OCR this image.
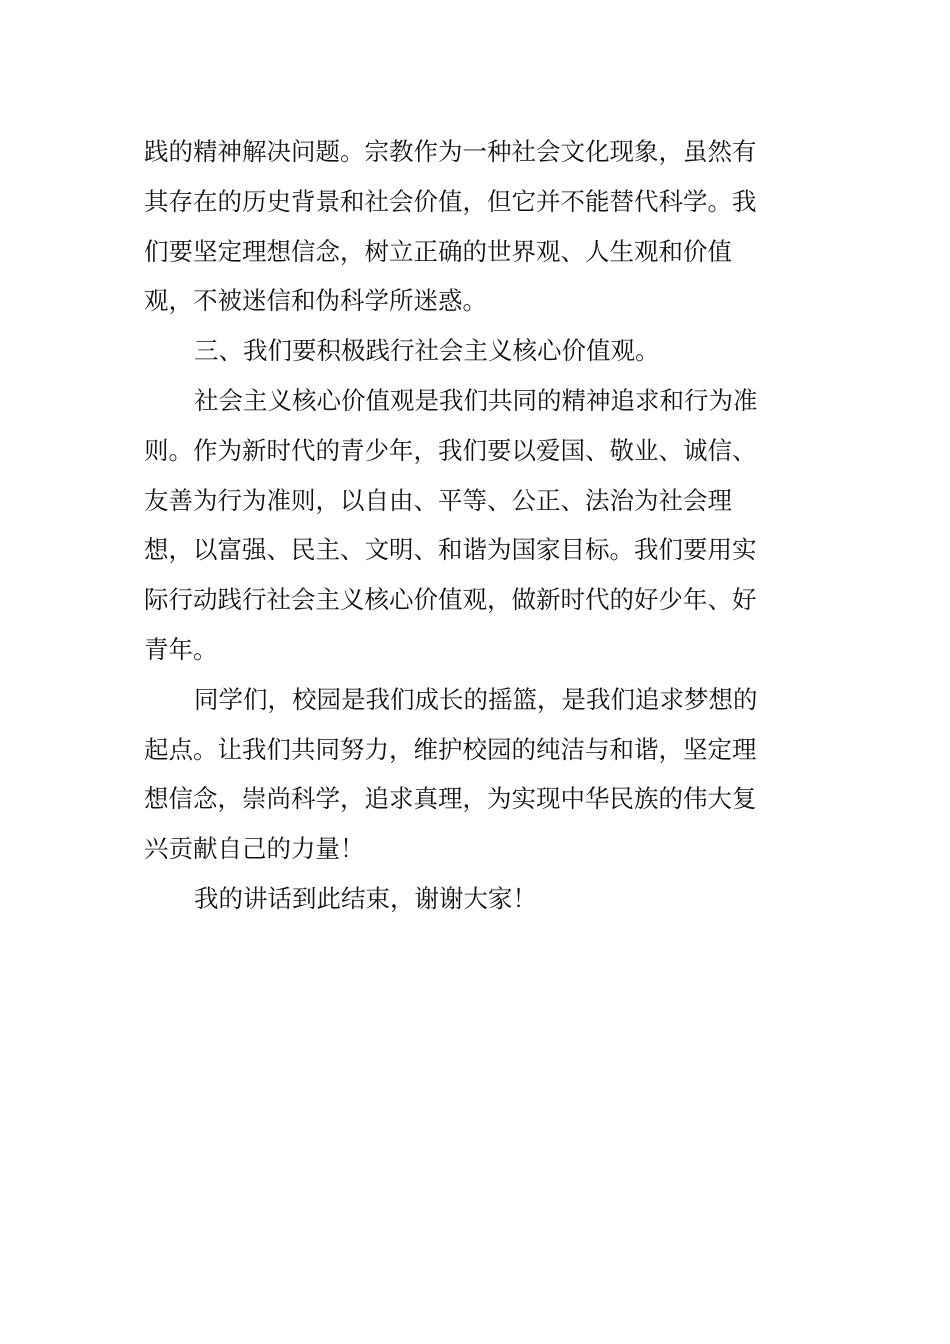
践的精神解决问题。宗教作为一种社会文化现象，虽然有
其存在的历史背景和社会价值，但它并不能替代科学。我
们要坚定理想信念，树立正确的世界观、人生观和价值
观，不被迷信和伪科学所迷惑。
三、我们要积极践行社会主义核心价值观。
社会主义核心价值观是我们共同的精神追求和行为准
则。作为新时代的青少年，我们要以爱国、敬业、诚信、
友善为行为准则，以自由、平等、公正、法治为社会理
想，以富强、民主、文明、和谐为国家目标。我们要用实
际行动践行社会主义核心价值观，做新时代的好少年、好
青年。
同学们，校园是我们成长的摇篮，是我们追求梦想的
起点。让我们共同努力，维护校园的纯洁与和谐，坚定理
想信念，崇尚科学，追求真理，为实现中华民族的伟大复
兴贡献自己的力量！
我的讲话到此结束，谢谢大家！
